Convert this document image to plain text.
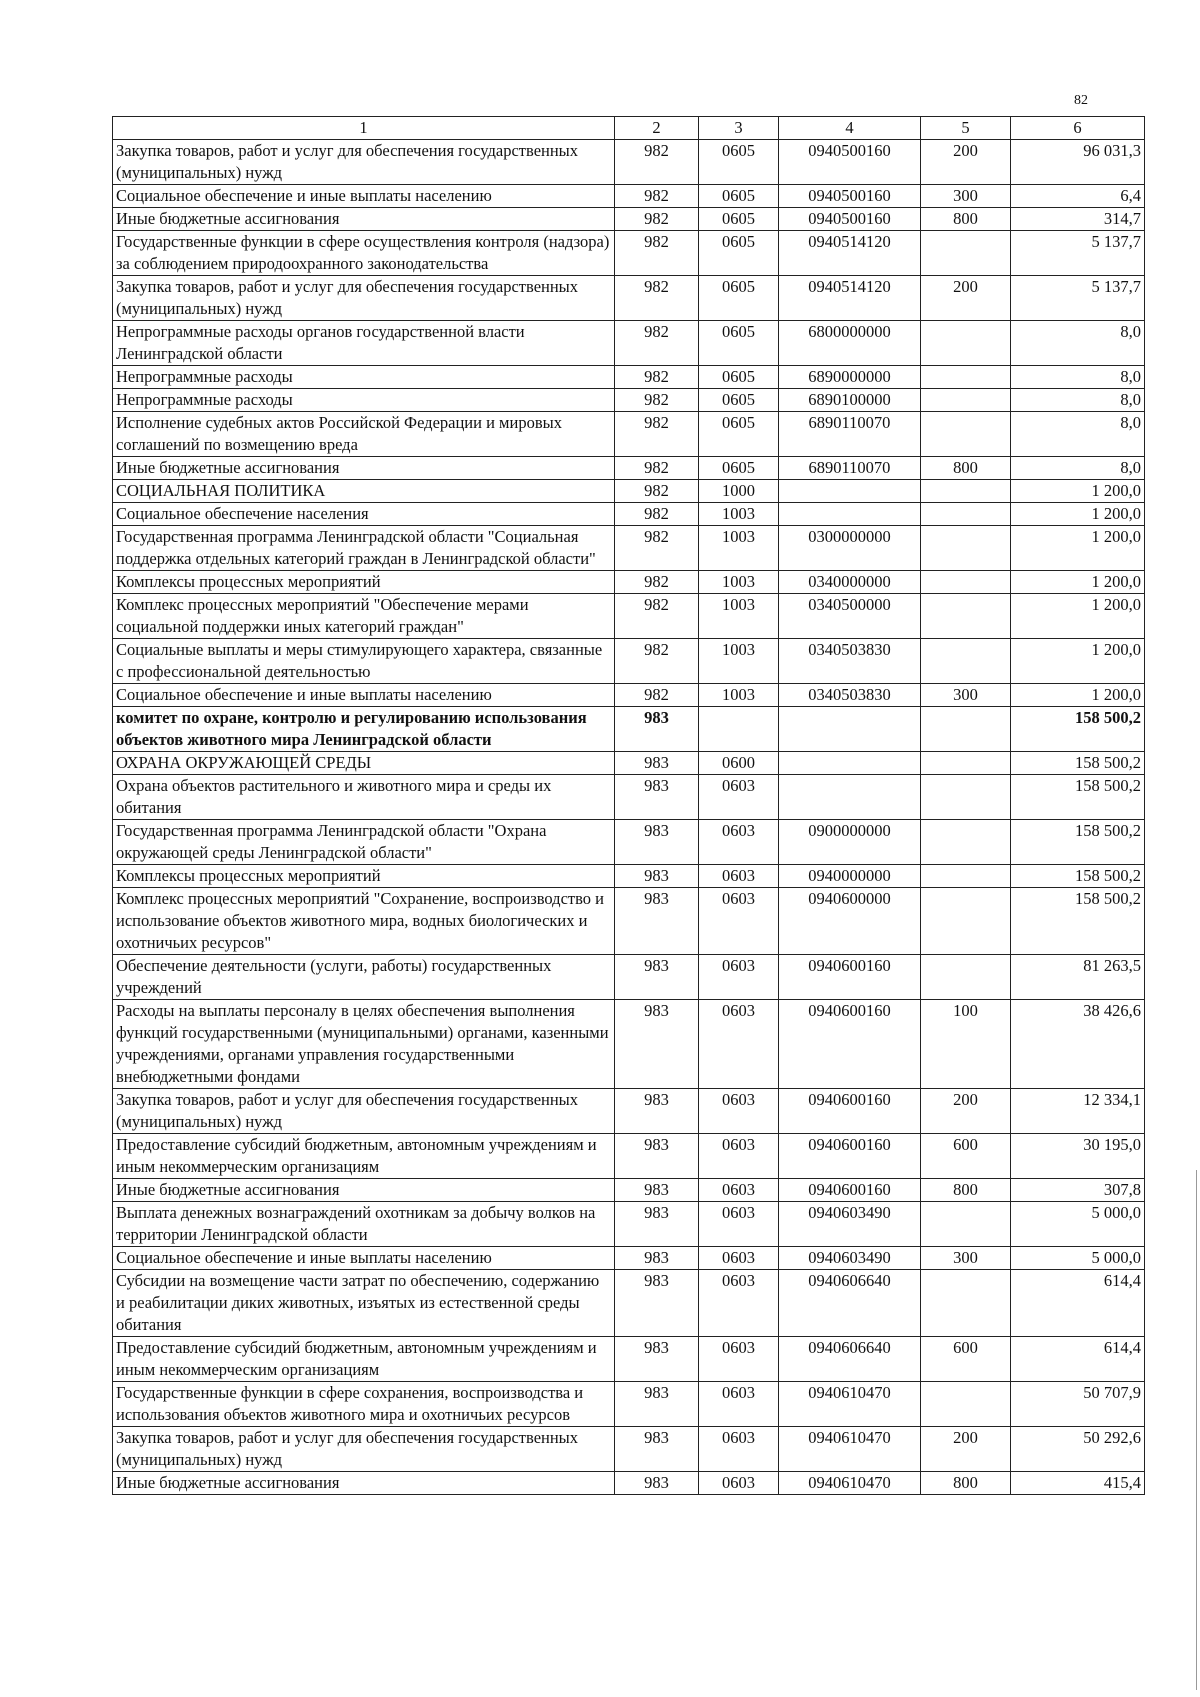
82
1	2	3	4	5	6
Закупка товаров, работ и услуг для обеспечения государственных (муниципальных) нужд	982	0605	0940500160	200	96 031,3
Социальное обеспечение и иные выплаты населению	982	0605	0940500160	300	6,4
Иные бюджетные ассигнования	982	0605	0940500160	800	314,7
Государственные функции в сфере осуществления контроля (надзора) за соблюдением природоохранного законодательства	982	0605	0940514120		5 137,7
Закупка товаров, работ и услуг для обеспечения государственных (муниципальных) нужд	982	0605	0940514120	200	5 137,7
Непрограммные расходы органов государственной власти Ленинградской области	982	0605	6800000000		8,0
Непрограммные расходы	982	0605	6890000000		8,0
Непрограммные расходы	982	0605	6890100000		8,0
Исполнение судебных актов Российской Федерации и мировых соглашений по возмещению вреда	982	0605	6890110070		8,0
Иные бюджетные ассигнования	982	0605	6890110070	800	8,0
СОЦИАЛЬНАЯ ПОЛИТИКА	982	1000			1 200,0
Социальное обеспечение населения	982	1003			1 200,0
Государственная программа Ленинградской области "Социальная поддержка отдельных категорий граждан в Ленинградской области"	982	1003	0300000000		1 200,0
Комплексы процессных мероприятий	982	1003	0340000000		1 200,0
Комплекс процессных мероприятий "Обеспечение мерами социальной поддержки иных категорий граждан"	982	1003	0340500000		1 200,0
Социальные выплаты и меры стимулирующего характера, связанные с профессиональной деятельностью	982	1003	0340503830		1 200,0
Социальное обеспечение и иные выплаты населению	982	1003	0340503830	300	1 200,0
комитет по охране, контролю и регулированию использования объектов животного мира Ленинградской области	983				158 500,2
ОХРАНА ОКРУЖАЮЩЕЙ СРЕДЫ	983	0600			158 500,2
Охрана объектов растительного и животного мира и среды их обитания	983	0603			158 500,2
Государственная программа Ленинградской области "Охрана окружающей среды Ленинградской области"	983	0603	0900000000		158 500,2
Комплексы процессных мероприятий	983	0603	0940000000		158 500,2
Комплекс процессных мероприятий "Сохранение, воспроизводство и использование объектов животного мира, водных биологических и охотничьих ресурсов"	983	0603	0940600000		158 500,2
Обеспечение деятельности (услуги, работы) государственных учреждений	983	0603	0940600160		81 263,5
Расходы на выплаты персоналу в целях обеспечения выполнения функций государственными (муниципальными) органами, казенными учреждениями, органами управления государственными внебюджетными фондами	983	0603	0940600160	100	38 426,6
Закупка товаров, работ и услуг для обеспечения государственных (муниципальных) нужд	983	0603	0940600160	200	12 334,1
Предоставление субсидий бюджетным, автономным учреждениям и иным некоммерческим организациям	983	0603	0940600160	600	30 195,0
Иные бюджетные ассигнования	983	0603	0940600160	800	307,8
Выплата денежных вознаграждений охотникам за добычу волков на территории Ленинградской области	983	0603	0940603490		5 000,0
Социальное обеспечение и иные выплаты населению	983	0603	0940603490	300	5 000,0
Субсидии на возмещение части затрат по обеспечению, содержанию и реабилитации диких животных, изъятых из естественной среды обитания	983	0603	0940606640		614,4
Предоставление субсидий бюджетным, автономным учреждениям и иным некоммерческим организациям	983	0603	0940606640	600	614,4
Государственные функции в сфере сохранения, воспроизводства и использования объектов животного мира и охотничьих ресурсов	983	0603	0940610470		50 707,9
Закупка товаров, работ и услуг для обеспечения государственных (муниципальных) нужд	983	0603	0940610470	200	50 292,6
Иные бюджетные ассигнования	983	0603	0940610470	800	415,4
